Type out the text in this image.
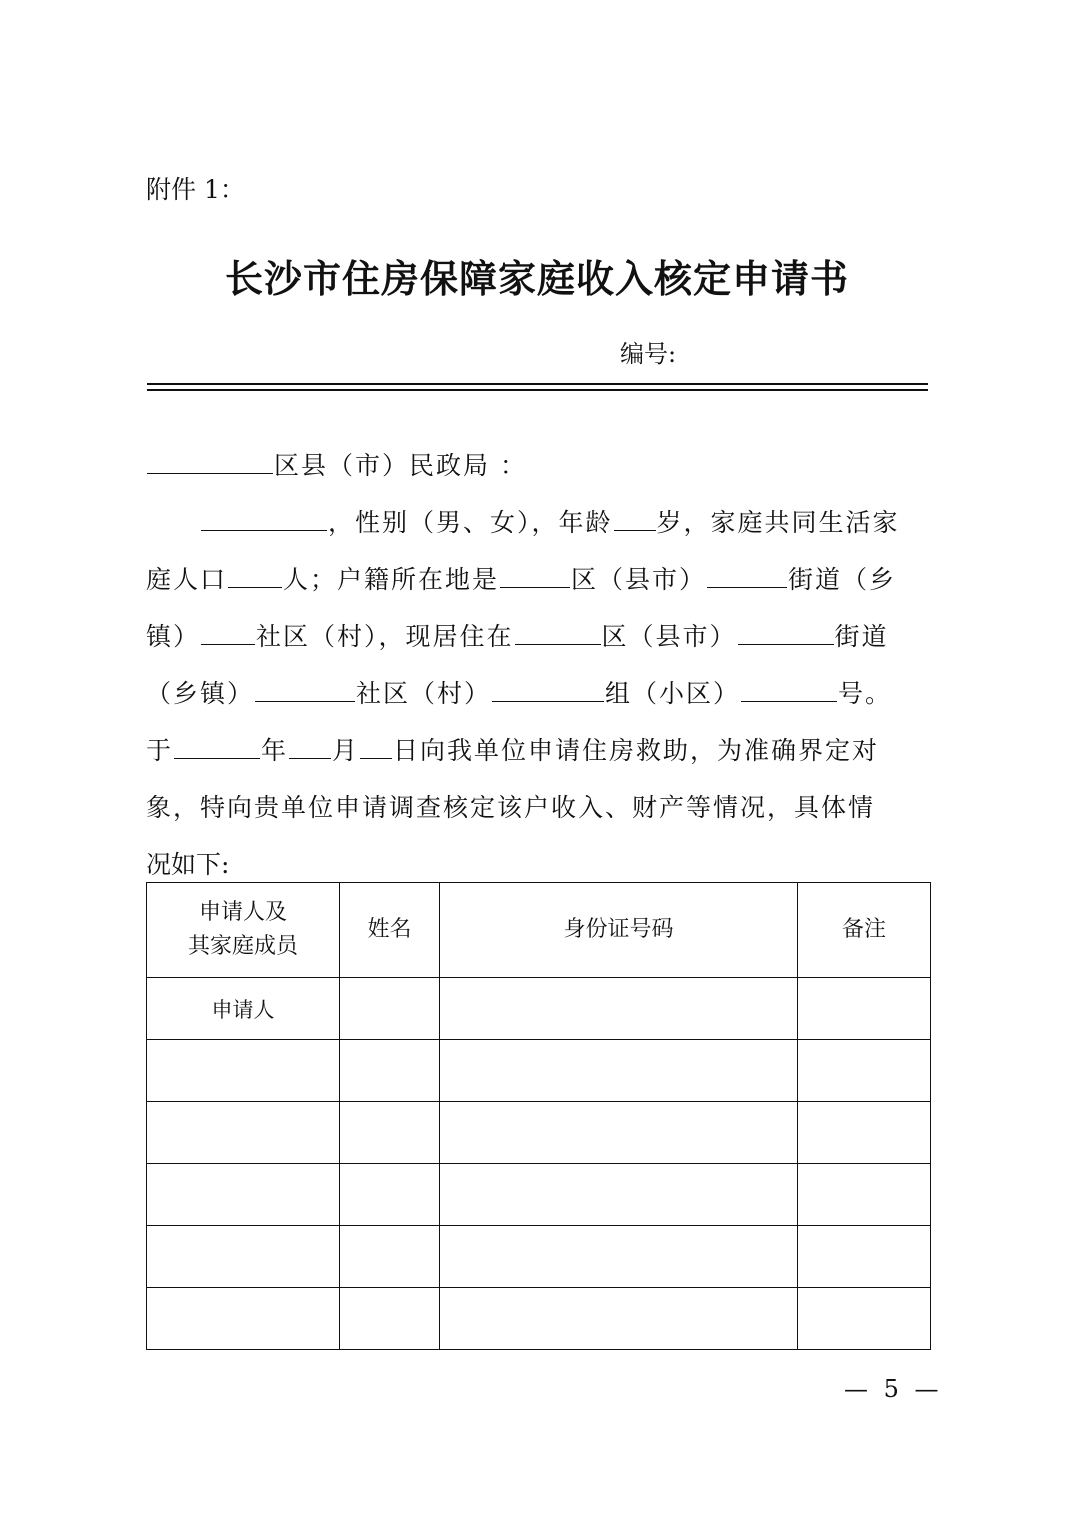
附件 1：
长沙市住房保障家庭收入核定申请书
编号:
区县（市）民政局 ：
，性别（男、女），年龄 岁，家庭共同生活家
庭人口 人；户籍所在地是	区（县市）	街道（乡
镇） 社区（村），现居住在	区（县市）	街道
（乡镇）	社区（村）	组（小区）	号。
于	年 月 日向我单位申请住房救助，为准确界定对
象，特向贵单位申请调查核定该户收入、财产等情况，具体情
况如下:
申请人及
其家庭成员	姓名	身份证号码	备注
申请人			

— 5 —
